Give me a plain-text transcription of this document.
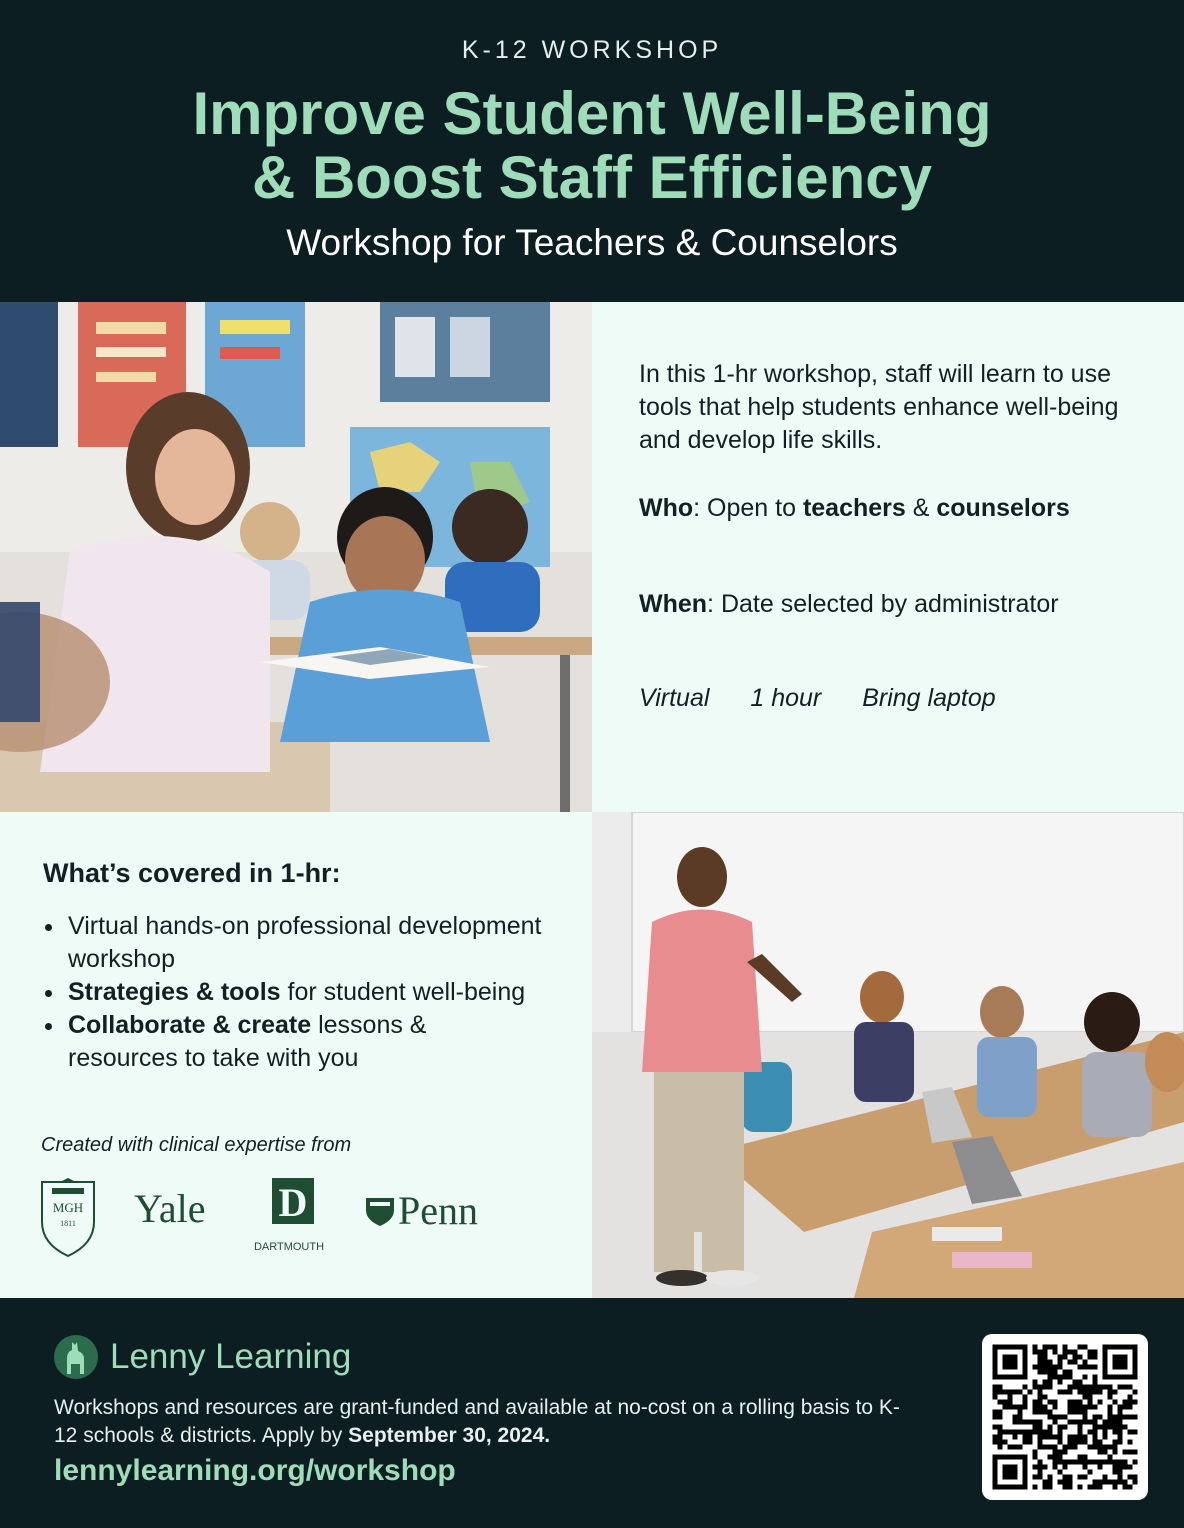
K-12 WORKSHOP
Improve Student Well-Being
& Boost Staff Efficiency
Workshop for Teachers & Counselors
In this 1-hr workshop, staff will learn to use tools that help students enhance well-being and develop life skills.
Who: Open to teachers & counselors
When: Date selected by administrator
Virtual 1 hour Bring laptop
What’s covered in 1-hr:
Virtual hands-on professional development workshop
Strategies & tools for student well-being
Collaborate & create lessons & resources to take with you
Created with clinical expertise from
MGH
1811 Yale D
DARTMOUTH
Penn
Lenny Learning
Workshops and resources are grant-funded and available at no-cost on a rolling basis to K-12 schools & districts. Apply by September 30, 2024.
lennylearning.org/workshop
